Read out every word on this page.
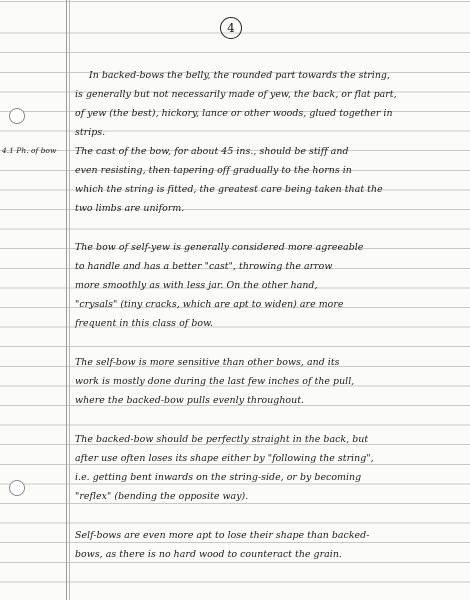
4
4.1 Ph. of bow
In backed-bows the belly, the rounded part towards the string,
is generally but not necessarily made of yew, the back, or flat part,
of yew (the best), hickory, lance or other woods, glued together in
strips.
The cast of the bow, for about 45 ins., should be stiff and
even resisting, then tapering off gradually to the horns in
which the string is fitted, the greatest care being taken that the
two limbs are uniform.
The bow of self-yew is generally considered more agreeable
to handle and has a better "cast", throwing the arrow
more smoothly as with less jar. On the other hand,
"crysals" (tiny cracks, which are apt to widen) are more
frequent in this class of bow.
The self-bow is more sensitive than other bows, and its
work is mostly done during the last few inches of the pull,
where the backed-bow pulls evenly throughout.
The backed-bow should be perfectly straight in the back, but
after use often loses its shape either by "following the string",
i.e. getting bent inwards on the string-side, or by becoming
"reflex" (bending the opposite way).
Self-bows are even more apt to lose their shape than backed-
bows, as there is no hard wood to counteract the grain.
